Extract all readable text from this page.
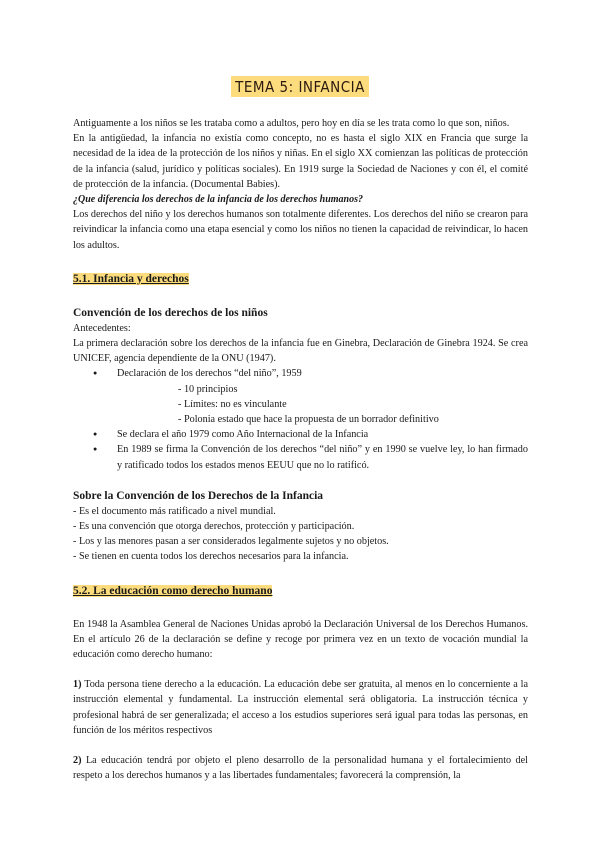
TEMA 5: INFANCIA

Antiguamente a los niños se les trataba como a adultos, pero hoy en día se les trata como lo que son, niños.

En la antigüedad, la infancia no existía como concepto, no es hasta el siglo XIX en Francia que surge la necesidad de la idea de la protección de los niños y niñas. En el siglo XX comienzan las políticas de protección de la infancia (salud, jurídico y políticas sociales). En 1919 surge la Sociedad de Naciones y con él, el comité de protección de la infancia. (Documental Babies).

¿Que diferencia los derechos de la infancia de los derechos humanos?

Los derechos del niño y los derechos humanos son totalmente diferentes. Los derechos del niño se crearon para reivindicar la infancia como una etapa esencial y como los niños no tienen la capacidad de reivindicar, lo hacen los adultos.

5.1. Infancia y derechos
Convención de los derechos de los niños

Antecedentes:

La primera declaración sobre los derechos de la infancia fue en Ginebra, Declaración de Ginebra 1924. Se crea UNICEF, agencia dependiente de la ONU (1947).

● Declaración de los derechos “del niño”, 1959
- 10 principios
- Límites: no es vinculante
- Polonia estado que hace la propuesta de un borrador definitivo
● Se declara el año 1979 como Año Internacional de la Infancia
● En 1989 se firma la Convención de los derechos “del niño” y en 1990 se vuelve ley, lo han firmado y ratificado todos los estados menos EEUU que no lo ratificó.
Sobre la Convención de los Derechos de la Infancia
- Es el documento más ratificado a nivel mundial.
- Es una convención que otorga derechos, protección y participación.
- Los y las menores pasan a ser considerados legalmente sujetos y no objetos.
- Se tienen en cuenta todos los derechos necesarios para la infancia.
5.2. La educación como derecho humano

En 1948 la Asamblea General de Naciones Unidas aprobó la Declaración Universal de los Derechos Humanos. En el artículo 26 de la declaración se define y recoge por primera vez en un texto de vocación mundial la educación como derecho humano:

1) Toda persona tiene derecho a la educación. La educación debe ser gratuita, al menos en lo concerniente a la instrucción elemental y fundamental. La instrucción elemental será obligatoria. La instrucción técnica y profesional habrá de ser generalizada; el acceso a los estudios superiores será igual para todas las personas, en función de los méritos respectivos

2) La educación tendrá por objeto el pleno desarrollo de la personalidad humana y el fortalecimiento del respeto a los derechos humanos y a las libertades fundamentales; favorecerá la comprensión, la
